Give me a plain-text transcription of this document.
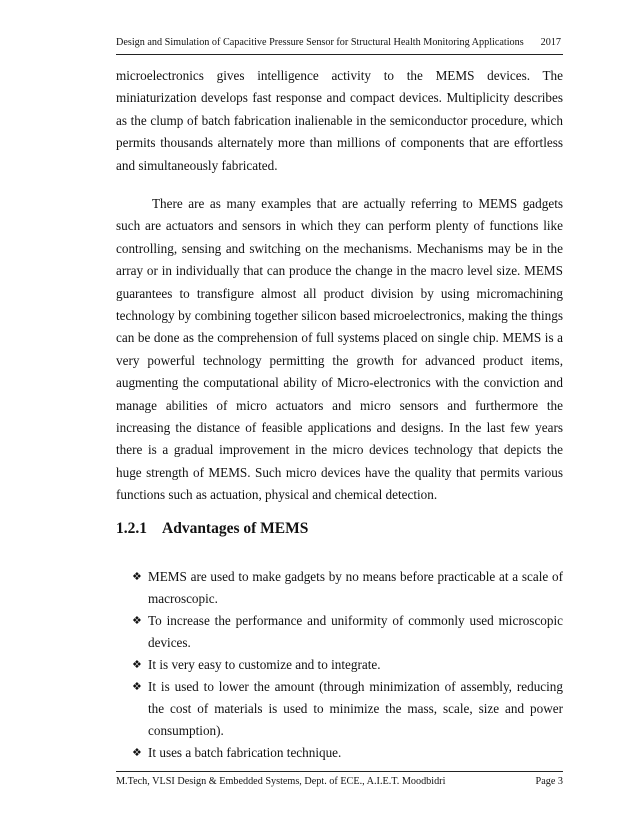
Design and Simulation of Capacitive Pressure Sensor for Structural Health Monitoring Applications 2017

microelectronics gives intelligence activity to the MEMS devices. The miniaturization develops fast response and compact devices. Multiplicity describes as the clump of batch fabrication inalienable in the semiconductor procedure, which permits thousands alternately more than millions of components that are effortless and simultaneously fabricated.

There are as many examples that are actually referring to MEMS gadgets such are actuators and sensors in which they can perform plenty of functions like controlling, sensing and switching on the mechanisms. Mechanisms may be in the array or in individually that can produce the change in the macro level size. MEMS guarantees to transfigure almost all product division by using micromachining technology by combining together silicon based microelectronics, making the things can be done as the comprehension of full systems placed on single chip. MEMS is a very powerful technology permitting the growth for advanced product items, augmenting the computational ability of Micro-electronics with the conviction and manage abilities of micro actuators and micro sensors and furthermore the increasing the distance of feasible applications and designs. In the last few years there is a gradual improvement in the micro devices technology that depicts the huge strength of MEMS. Such micro devices have the quality that permits various functions such as actuation, physical and chemical detection.

1.2.1 Advantages of MEMS
❖ MEMS are used to make gadgets by no means before practicable at a scale of macroscopic.
❖ To increase the performance and uniformity of commonly used microscopic devices.
❖ It is very easy to customize and to integrate.
❖ It is used to lower the amount (through minimization of assembly, reducing the cost of materials is used to minimize the mass, scale, size and power consumption).
❖ It uses a batch fabrication technique.
M.Tech, VLSI Design & Embedded Systems, Dept. of ECE., A.I.E.T. Moodbidri	Page 3
